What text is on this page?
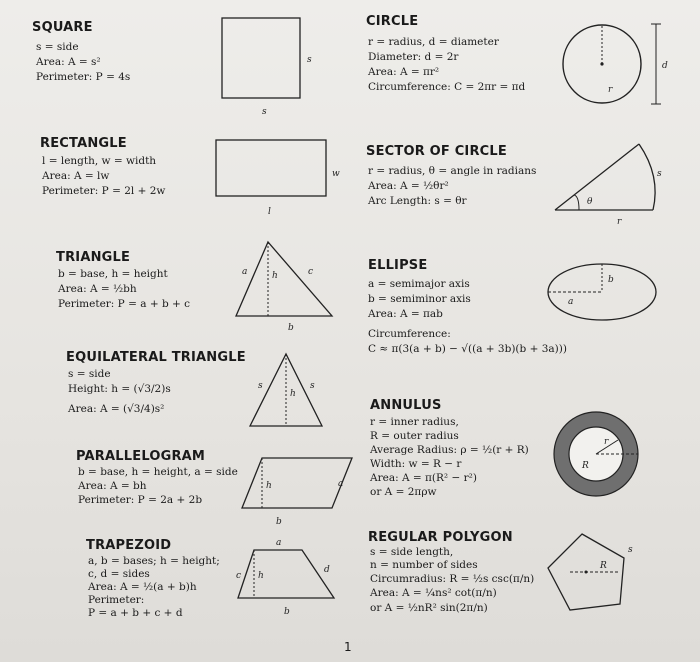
SQUARE
s = side
Area: A = s²
Perimeter: P = 4s
s
s
CIRCLE
r = radius, d = diameter
Diameter: d = 2r
Area: A = πr²
Circumference: C = 2πr = πd	r
d
RECTANGLE
l = length, w = width
Area: A = lw
Perimeter: P = 2l + 2w
w
l
SECTOR OF CIRCLE
r = radius, θ = angle in radians
Area: A = ½θr²
Arc Length: s = θr	θ
r
s
TRIANGLE
b = base, h = height
Area: A = ½bh
Perimeter: P = a + b + c
a	h	c
b
ELLIPSE
a = semimajor axis
b = semiminor axis
Area: A = πab
Circumference:
C ≈ π(3(a + b) − √((a + 3b)(b + 3a)))
a
b
EQUILATERAL TRIANGLE
s = side
Height: h = (√3/2)s
Area: A = (√3/4)s²
s
h
s
ANNULUS
r = inner radius,
R = outer radius
Average Radius: ρ = ½(r + R)
Width: w = R − r
Area: A = π(R² − r²)
or A = 2πρw
r
R
PARALLELOGRAM
b = base, h = height, a = side
Area: A = bh
Perimeter: P = 2a + 2b
h	a
b
TRAPEZOID
a, b = bases; h = height;
c, d = sides
Area: A = ½(a + b)h
Perimeter:
P = a + b + c + d
a
c h
d
b
REGULAR POLYGON
s = side length,
n = number of sides
Circumradius: R = ½s csc(π/n)
Area: A = ¼ns² cot(π/n)
or A = ½nR² sin(2π/n)
R
s
1
